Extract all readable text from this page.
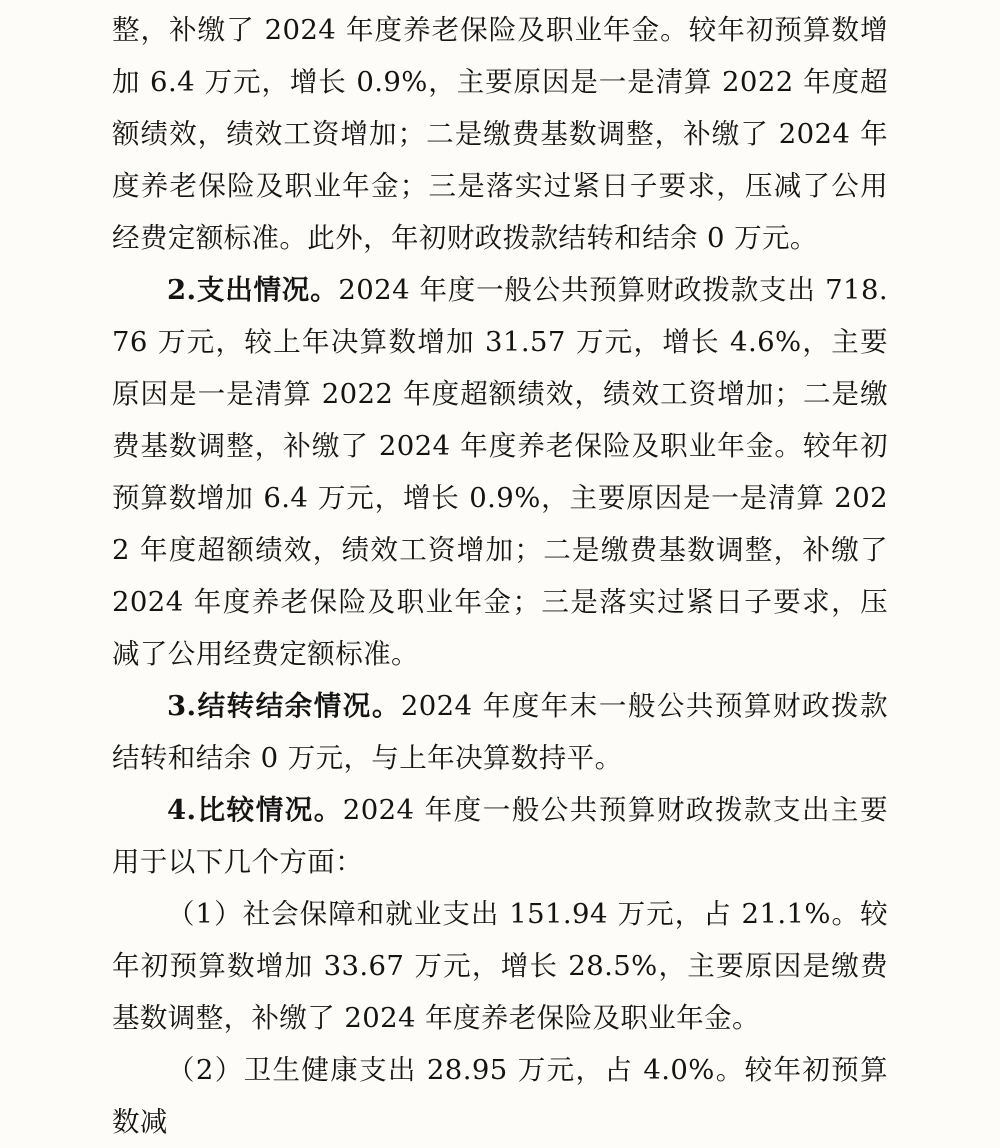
整，补缴了 2024 年度养老保险及职业年金。较年初预算数增加 6.4 万元，增长 0.9%，主要原因是一是清算 2022 年度超额绩效，绩效工资增加；二是缴费基数调整，补缴了 2024 年度养老保险及职业年金；三是落实过紧日子要求，压减了公用经费定额标准。此外，年初财政拨款结转和结余 0 万元。

2.支出情况。2024 年度一般公共预算财政拨款支出 718.76 万元，较上年决算数增加 31.57 万元，增长 4.6%，主要原因是一是清算 2022 年度超额绩效，绩效工资增加；二是缴费基数调整，补缴了 2024 年度养老保险及职业年金。较年初预算数增加 6.4 万元，增长 0.9%，主要原因是一是清算 2022 年度超额绩效，绩效工资增加；二是缴费基数调整，补缴了 2024 年度养老保险及职业年金；三是落实过紧日子要求，压减了公用经费定额标准。

3.结转结余情况。2024 年度年末一般公共预算财政拨款结转和结余 0 万元，与上年决算数持平。

4.比较情况。2024 年度一般公共预算财政拨款支出主要用于以下几个方面：

（1）社会保障和就业支出 151.94 万元，占 21.1%。较年初预算数增加 33.67 万元，增长 28.5%，主要原因是缴费基数调整，补缴了 2024 年度养老保险及职业年金。

（2）卫生健康支出 28.95 万元，占 4.0%。较年初预算数减
